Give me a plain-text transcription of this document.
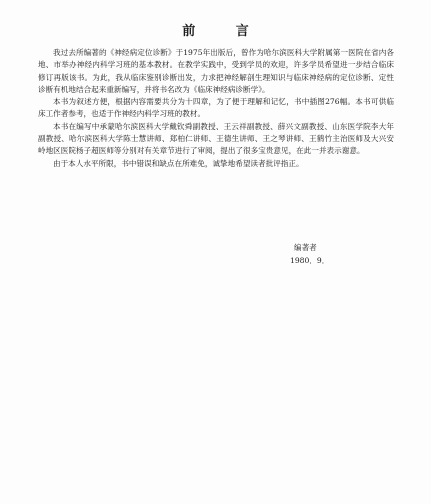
前 言

我过去所编著的《神经病定位诊断》于1975年出版后，曾作为哈尔滨医科大学附属第一医院在省内各地、市举办神经内科学习班的基本教材。在教学实践中，受到学员的欢迎，许多学员希望进一步结合临床修订再版该书。为此，我从临床鉴别诊断出发，力求把神经解剖生理知识与临床神经病的定位诊断、定性诊断有机地结合起来重新编写，并将书名改为《临床神经病诊断学》。

本书为叙述方便，根据内容需要共分为十四章，为了便于理解和记忆，书中插图276幅。本书可供临床工作者参考，也适于作神经内科学习班的教材。

本书在编写中承蒙哈尔滨医科大学戴钦舜副教授、王云祥副教授、薛兴文副教授、山东医学院李大年副教授、哈尔滨医科大学陈士慧讲师、郑柏仁讲师、王德生讲师、王之琴讲师、王鹤竹主治医师及大兴安岭地区医院杨子超医师等分别对有关章节进行了审阅，提出了很多宝贵意见，在此一并表示谢意。

由于本人水平所限，书中错误和缺点在所难免，诚挚地希望读者批评指正。

编著者
1980．9．
